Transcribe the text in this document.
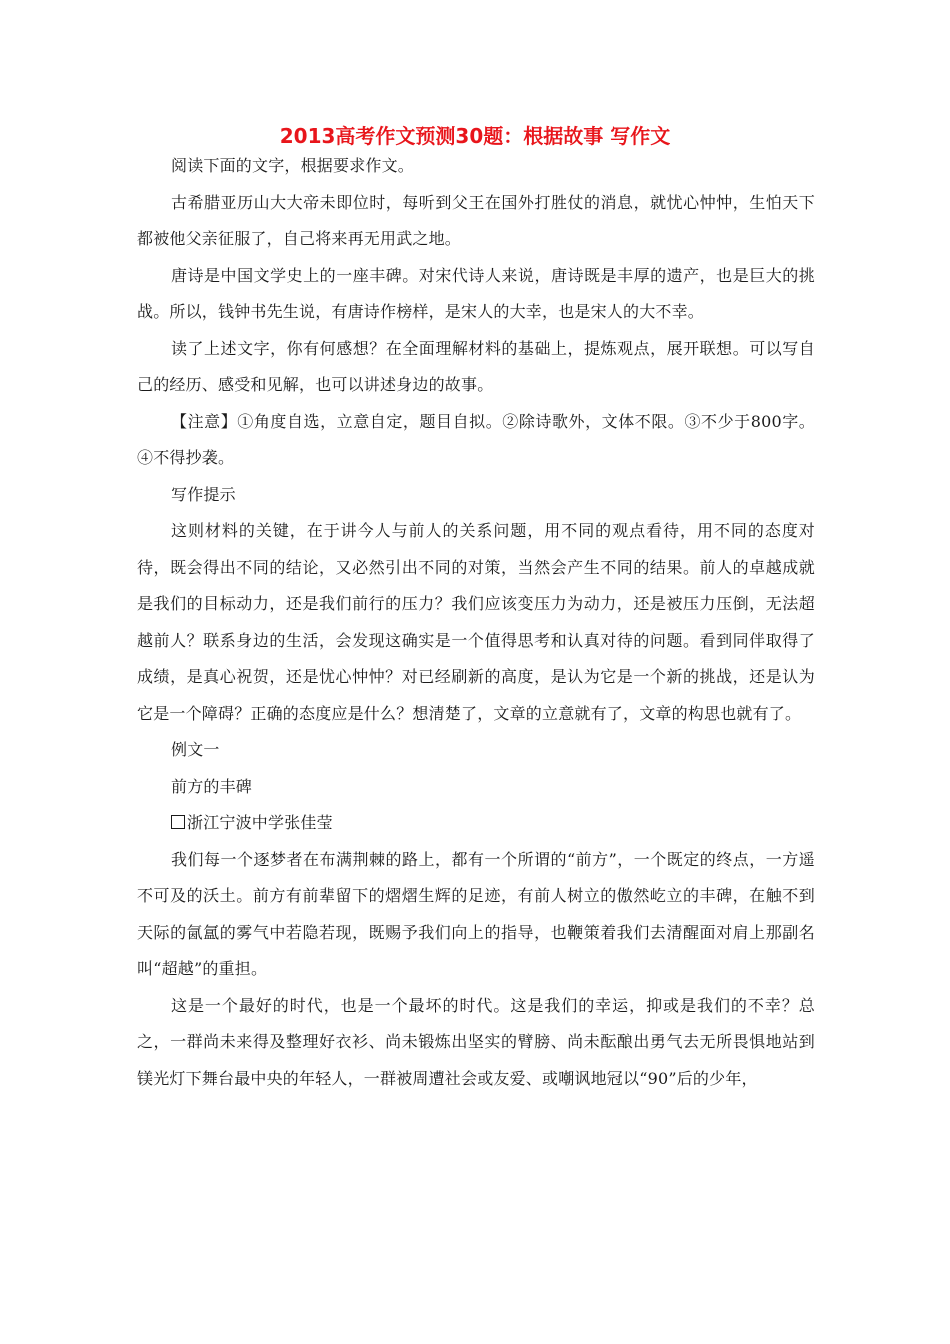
2013高考作文预测30题：根据故事 写作文

阅读下面的文字，根据要求作文。

古希腊亚历山大大帝未即位时，每听到父王在国外打胜仗的消息，就忧心忡忡，生怕天下都被他父亲征服了，自己将来再无用武之地。

唐诗是中国文学史上的一座丰碑。对宋代诗人来说，唐诗既是丰厚的遗产，也是巨大的挑战。所以，钱钟书先生说，有唐诗作榜样，是宋人的大幸，也是宋人的大不幸。

读了上述文字，你有何感想？在全面理解材料的基础上，提炼观点，展开联想。可以写自己的经历、感受和见解，也可以讲述身边的故事。

【注意】①角度自选，立意自定，题目自拟。②除诗歌外，文体不限。③不少于800字。④不得抄袭。

写作提示

这则材料的关键，在于讲今人与前人的关系问题，用不同的观点看待，用不同的态度对待，既会得出不同的结论，又必然引出不同的对策，当然会产生不同的结果。前人的卓越成就是我们的目标动力，还是我们前行的压力？我们应该变压力为动力，还是被压力压倒，无法超越前人？联系身边的生活，会发现这确实是一个值得思考和认真对待的问题。看到同伴取得了成绩，是真心祝贺，还是忧心忡忡？对已经刷新的高度，是认为它是一个新的挑战，还是认为它是一个障碍？正确的态度应是什么？想清楚了，文章的立意就有了，文章的构思也就有了。

例文一

前方的丰碑

浙江宁波中学张佳莹

我们每一个逐梦者在布满荆棘的路上，都有一个所谓的“前方”，一个既定的终点，一方遥不可及的沃土。前方有前辈留下的熠熠生辉的足迹，有前人树立的傲然屹立的丰碑，在触不到天际的氤氲的雾气中若隐若现，既赐予我们向上的指导，也鞭策着我们去清醒面对肩上那副名叫“超越”的重担。

这是一个最好的时代，也是一个最坏的时代。这是我们的幸运，抑或是我们的不幸？总之，一群尚未来得及整理好衣衫、尚未锻炼出坚实的臂膀、尚未酝酿出勇气去无所畏惧地站到镁光灯下舞台最中央的年轻人，一群被周遭社会或友爱、或嘲讽地冠以“90”后的少年，
